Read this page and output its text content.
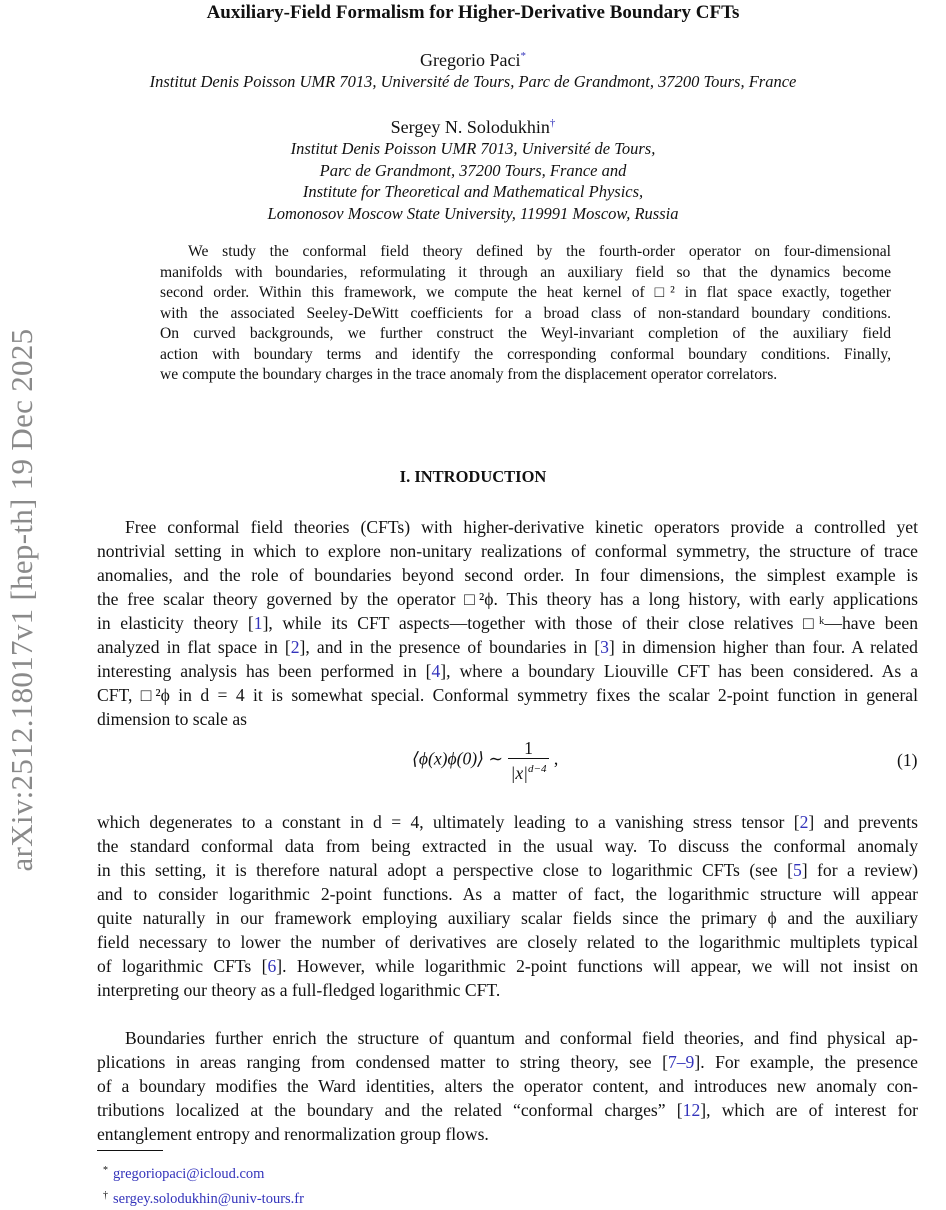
arXiv:2512.18017v1 [hep-th] 19 Dec 2025
Auxiliary-Field Formalism for Higher-Derivative Boundary CFTs
Gregorio Paci*
Institut Denis Poisson UMR 7013, Université de Tours, Parc de Grandmont, 37200 Tours, France
Sergey N. Solodukhin†
Institut Denis Poisson UMR 7013, Université de Tours,
Parc de Grandmont, 37200 Tours, France and
Institute for Theoretical and Mathematical Physics,
Lomonosov Moscow State University, 119991 Moscow, Russia
We study the conformal field theory defined by the fourth-order operator on four-dimensional
manifolds with boundaries, reformulating it through an auxiliary field so that the dynamics become
second order. Within this framework, we compute the heat kernel of □² in flat space exactly, together
with the associated Seeley-DeWitt coefficients for a broad class of non-standard boundary conditions.
On curved backgrounds, we further construct the Weyl-invariant completion of the auxiliary field
action with boundary terms and identify the corresponding conformal boundary conditions. Finally,
we compute the boundary charges in the trace anomaly from the displacement operator correlators.
I. INTRODUCTION
Free conformal field theories (CFTs) with higher-derivative kinetic operators provide a controlled yet
nontrivial setting in which to explore non-unitary realizations of conformal symmetry, the structure of trace
anomalies, and the role of boundaries beyond second order. In four dimensions, the simplest example is
the free scalar theory governed by the operator □²ϕ. This theory has a long history, with early applications
in elasticity theory [1], while its CFT aspects—together with those of their close relatives □ᵏ—have been
analyzed in flat space in [2], and in the presence of boundaries in [3] in dimension higher than four. A related
interesting analysis has been performed in [4], where a boundary Liouville CFT has been considered. As a
CFT, □²ϕ in d = 4 it is somewhat special. Conformal symmetry fixes the scalar 2-point function in general
dimension to scale as
⟨ϕ(x)ϕ(0)⟩ ∼ $\frac{1}{|x|^{d-4}}$ ,	(1)
which degenerates to a constant in d = 4, ultimately leading to a vanishing stress tensor [2] and prevents
the standard conformal data from being extracted in the usual way. To discuss the conformal anomaly
in this setting, it is therefore natural adopt a perspective close to logarithmic CFTs (see [5] for a review)
and to consider logarithmic 2-point functions. As a matter of fact, the logarithmic structure will appear
quite naturally in our framework employing auxiliary scalar fields since the primary ϕ and the auxiliary
field necessary to lower the number of derivatives are closely related to the logarithmic multiplets typical
of logarithmic CFTs [6]. However, while logarithmic 2-point functions will appear, we will not insist on
interpreting our theory as a full-fledged logarithmic CFT.
Boundaries further enrich the structure of quantum and conformal field theories, and find physical ap-
plications in areas ranging from condensed matter to string theory, see [7–9]. For example, the presence
of a boundary modifies the Ward identities, alters the operator content, and introduces new anomaly con-
tributions localized at the boundary and the related “conformal charges” [12], which are of interest for
entanglement entropy and renormalization group flows.
* gregoriopaci@icloud.com
† sergey.solodukhin@univ-tours.fr
